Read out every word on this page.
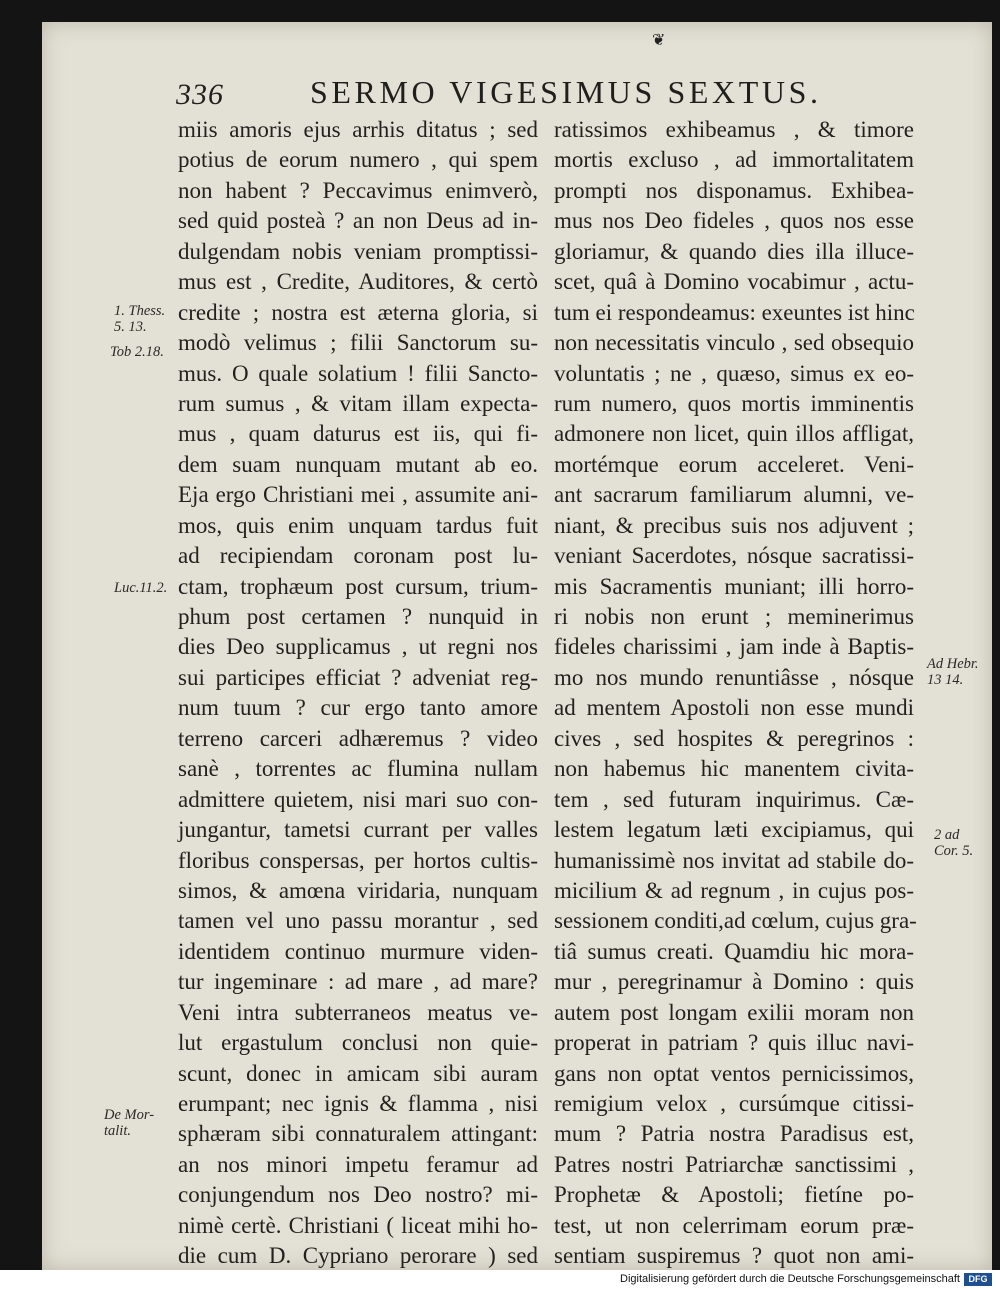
❦
336	SERMO VIGESIMUS SEXTUS.
miis amoris ejus arrhis ditatus ; sed
potius de eorum numero , qui spem
non habent ? Peccavimus enimverò,
sed quid posteà ? an non Deus ad in-
dulgendam nobis veniam promptissi-
mus est , Credite, Auditores, & certò
credite ; nostra est æterna gloria, si
modò velimus ; filii Sanctorum su-
mus. O quale solatium ! filii Sancto-
rum sumus , & vitam illam expecta-
mus , quam daturus est iis, qui fi-
dem suam nunquam mutant ab eo.
Eja ergo Christiani mei , assumite ani-
mos, quis enim unquam tardus fuit
ad recipiendam coronam post lu-
ctam, trophæum post cursum, trium-
phum post certamen ? nunquid in
dies Deo supplicamus , ut regni nos
sui participes efficiat ? adveniat reg-
num tuum ? cur ergo tanto amore
terreno carceri adhæremus ? video
sanè , torrentes ac flumina nullam
admittere quietem, nisi mari suo con-
jungantur, tametsi currant per valles
floribus conspersas, per hortos cultis-
simos, & amœna viridaria, nunquam
tamen vel uno passu morantur , sed
identidem continuo murmure viden-
tur ingeminare : ad mare , ad mare?
Veni intra subterraneos meatus ve-
lut ergastulum conclusi non quie-
scunt, donec in amicam sibi auram
erumpant; nec ignis & flamma , nisi
sphæram sibi connaturalem attingant:
an nos minori impetu feramur ad
conjungendum nos Deo nostro? mi-
nimè certè. Christiani ( liceat mihi ho-
die cum D. Cypriano perorare ) sed
ratissimos exhibeamus , & timore
mortis excluso , ad immortalitatem
prompti nos disponamus. Exhibea-
mus nos Deo fideles , quos nos esse
gloriamur, & quando dies illa illuce-
scet, quâ à Domino vocabimur , actu-
tum ei respondeamus: exeuntes ist hinc
non necessitatis vinculo , sed obsequio
voluntatis ; ne , quæso, simus ex eo-
rum numero, quos mortis imminentis
admonere non licet, quin illos affligat,
mortémque eorum acceleret. Veni-
ant sacrarum familiarum alumni, ve-
niant, & precibus suis nos adjuvent ;
veniant Sacerdotes, nósque sacratissi-
mis Sacramentis muniant; illi horro-
ri nobis non erunt ; meminerimus
fideles charissimi , jam inde à Baptis-
mo nos mundo renuntiâsse , nósque
ad mentem Apostoli non esse mundi
cives , sed hospites & peregrinos :
non habemus hic manentem civita-
tem , sed futuram inquirimus. Cæ-
lestem legatum læti excipiamus, qui
humanissimè nos invitat ad stabile do-
micilium & ad regnum , in cujus pos-
sessionem conditi,ad cœlum, cujus gra-
tiâ sumus creati. Quamdiu hic mora-
mur , peregrinamur à Domino : quis
autem post longam exilii moram non
properat in patriam ? quis illuc navi-
gans non optat ventos pernicissimos,
remigium velox , cursúmque citissi-
mum ? Patria nostra Paradisus est,
Patres nostri Patriarchæ sanctissimi ,
Prophetæ & Apostoli; fietíne po-
test, ut non celerrimam eorum præ-
sentiam suspiremus ? quot non ami-
1. Thess.
5. 13.
Tob 2.18.
Luc.11.2.
De Mor-
talit.
Ad Hebr.
13 14.
2 ad
Cor. 5.
Digitalisierung gefördert durch die Deutsche Forschungsgemeinschaft DFG
